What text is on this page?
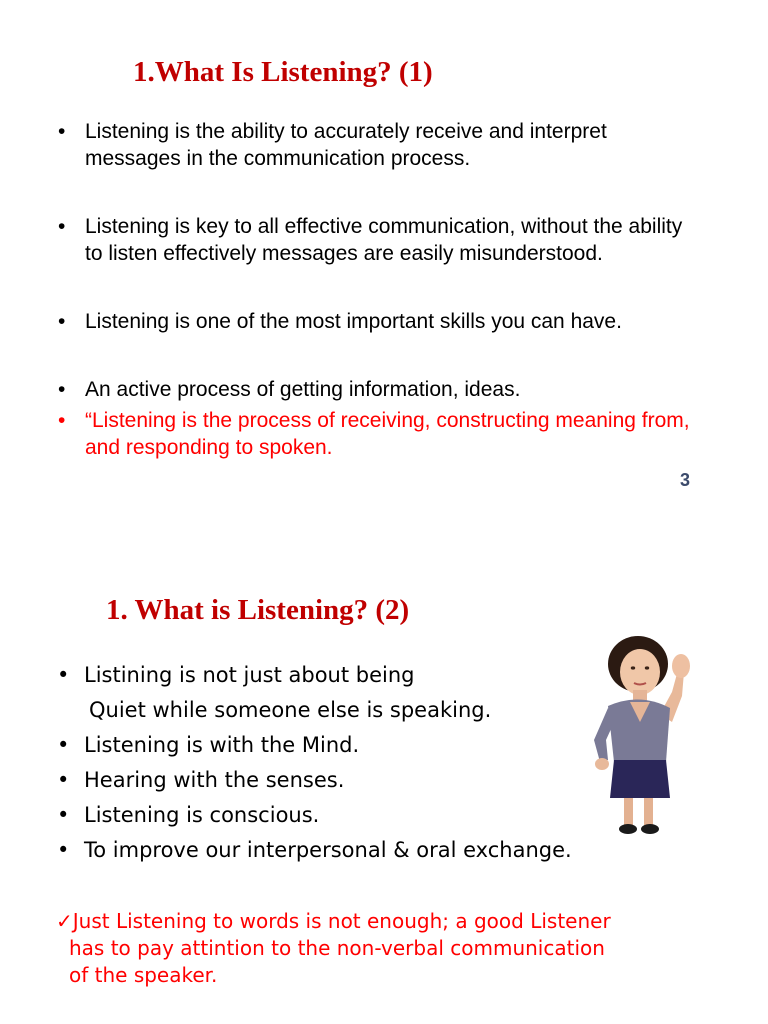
1.What Is Listening? (1)
• Listening is the ability to accurately receive and interpret messages in the communication process.
• Listening is key to all effective communication, without the ability to listen effectively messages are easily misunderstood.
• Listening is one of the most important skills you can have.
• An active process of getting information, ideas.
• “Listening is the process of receiving, constructing meaning from, and responding to spoken.
3
1. What is Listening? (2)
• Listining is not just about being
Quiet while someone else is speaking.
• Listening is with the Mind.
• Hearing with the senses.
• Listening is conscious.
• To improve our interpersonal & oral exchange.
✓Just Listening to words is not enough; a good Listener
has to pay attintion to the non-verbal communication
of the speaker.
